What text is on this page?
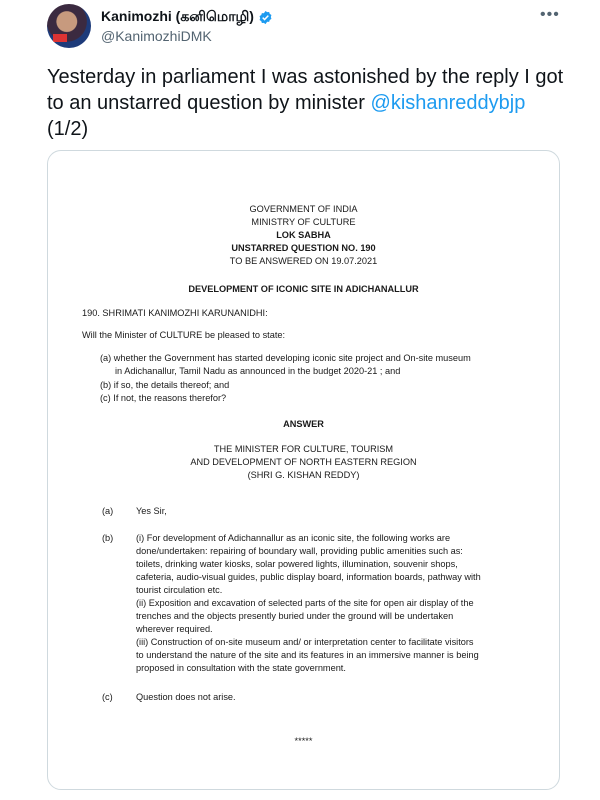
Kanimozhi (கனிமொழி)
@KanimozhiDMK
•••
Yesterday in parliament I was astonished by the reply I got to an unstarred question by minister @kishanreddybjp (1/2)
GOVERNMENT OF INDIA
MINISTRY OF CULTURE
LOK SABHA
UNSTARRED QUESTION NO. 190
TO BE ANSWERED ON 19.07.2021
DEVELOPMENT OF ICONIC SITE IN ADICHANALLUR
190. SHRIMATI KANIMOZHI KARUNANIDHI:
Will the Minister of CULTURE be pleased to state:
(a) whether the Government has started developing iconic site project and On-site museum
in Adichanallur, Tamil Nadu as announced in the budget 2020-21 ; and
(b) if so, the details thereof; and
(c) If not, the reasons therefor?
ANSWER
THE MINISTER FOR CULTURE, TOURISM
AND DEVELOPMENT OF NORTH EASTERN REGION
(SHRI G. KISHAN REDDY)
(a) Yes Sir,
(b) (i) For development of Adichannallur as an iconic site, the following works are
done/undertaken: repairing of boundary wall, providing public amenities such as:
toilets, drinking water kiosks, solar powered lights, illumination, souvenir shops,
cafeteria, audio-visual guides, public display board, information boards, pathway with
tourist circulation etc.
(ii) Exposition and excavation of selected parts of the site for open air display of the
trenches and the objects presently buried under the ground will be undertaken
wherever required.
(iii) Construction of on-site museum and/ or interpretation center to facilitate visitors
to understand the nature of the site and its features in an immersive manner is being
proposed in consultation with the state government.
(c)	Question does not arise.
*****
